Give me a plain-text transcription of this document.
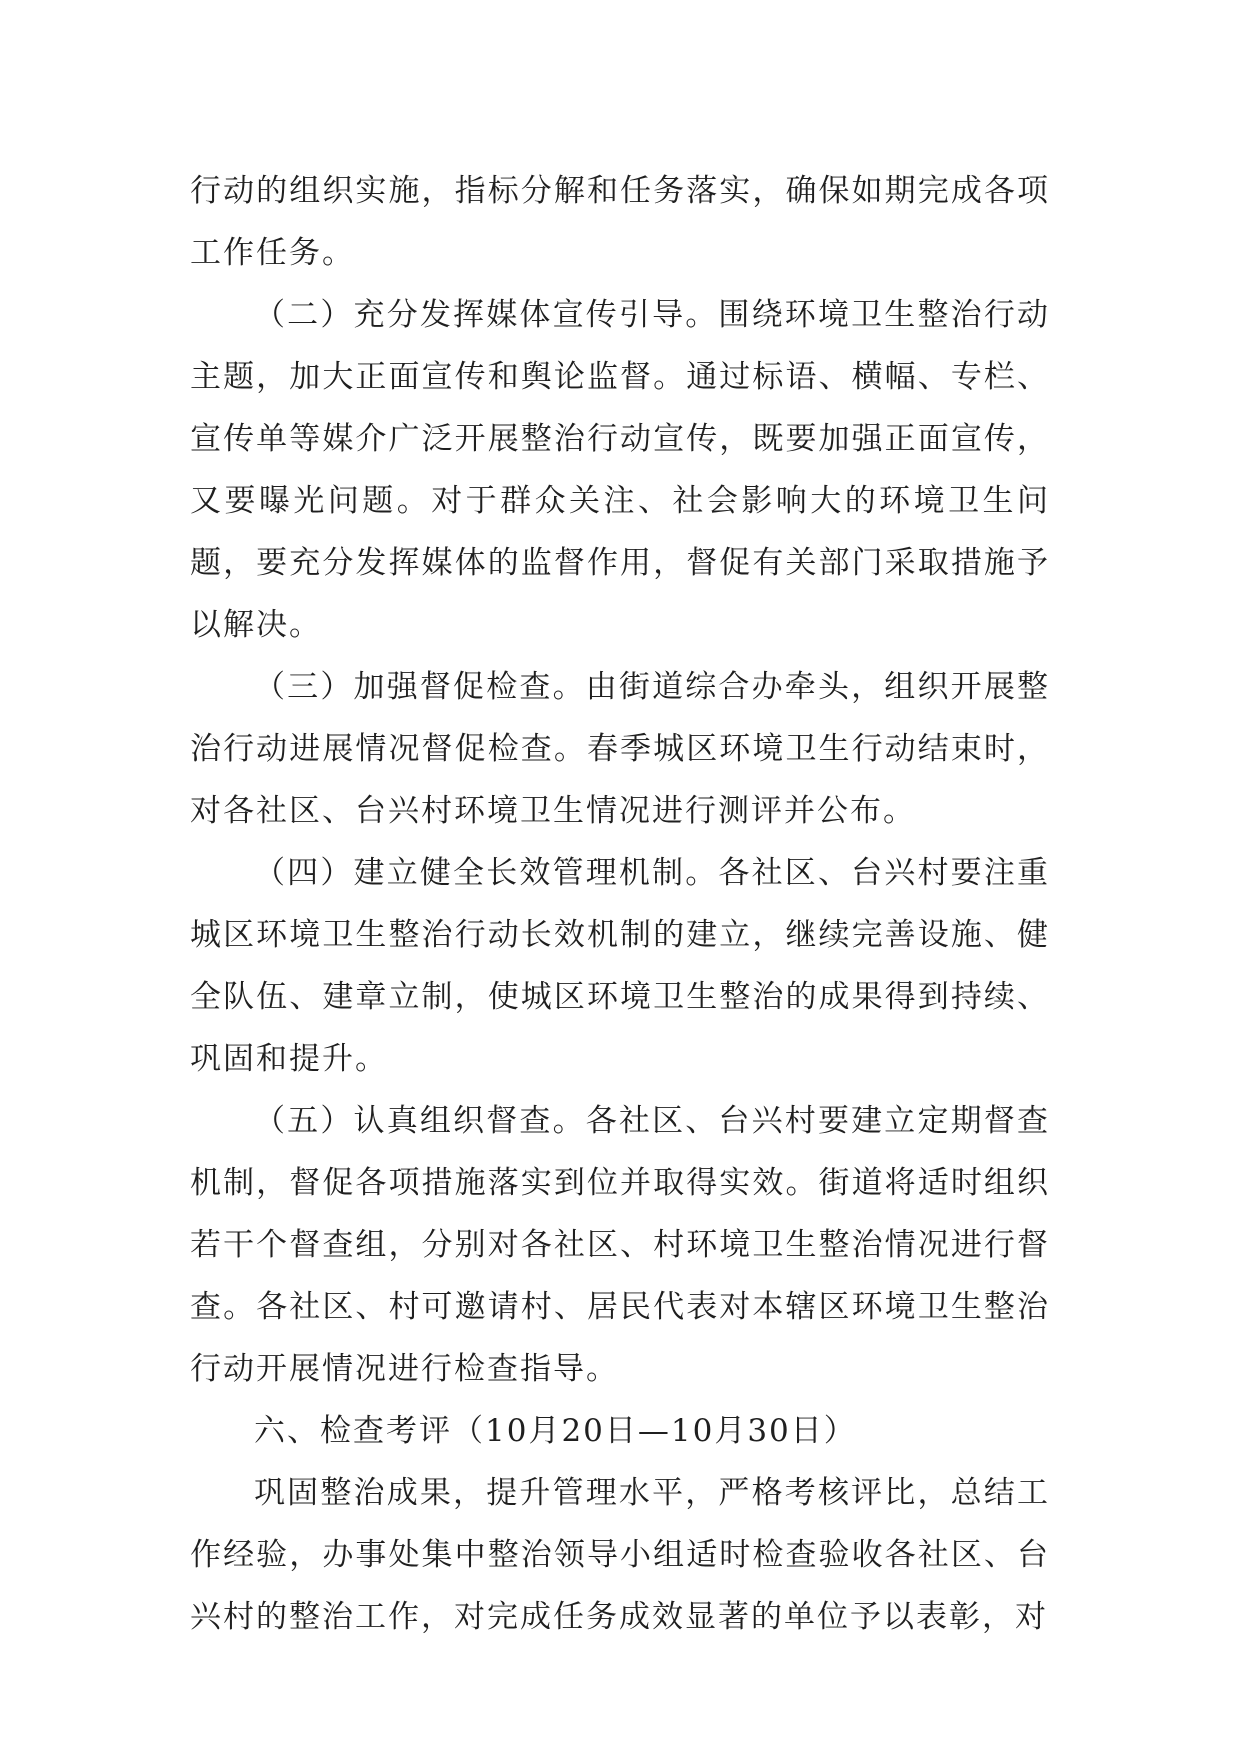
行动的组织实施，指标分解和任务落实，确保如期完成各项工作任务。

（二）充分发挥媒体宣传引导。围绕环境卫生整治行动主题，加大正面宣传和舆论监督。通过标语、横幅、专栏、宣传单等媒介广泛开展整治行动宣传，既要加强正面宣传，又要曝光问题。对于群众关注、社会影响大的环境卫生问题，要充分发挥媒体的监督作用，督促有关部门采取措施予以解决。

（三）加强督促检查。由街道综合办牵头，组织开展整治行动进展情况督促检查。春季城区环境卫生行动结束时，对各社区、台兴村环境卫生情况进行测评并公布。

（四）建立健全长效管理机制。各社区、台兴村要注重城区环境卫生整治行动长效机制的建立，继续完善设施、健全队伍、建章立制，使城区环境卫生整治的成果得到持续、巩固和提升。

（五）认真组织督查。各社区、台兴村要建立定期督查机制，督促各项措施落实到位并取得实效。街道将适时组织若干个督查组，分别对各社区、村环境卫生整治情况进行督查。各社区、村可邀请村、居民代表对本辖区环境卫生整治行动开展情况进行检查指导。

六、检查考评（10月20日—10月30日）

巩固整治成果，提升管理水平，严格考核评比，总结工作经验，办事处集中整治领导小组适时检查验收各社区、台兴村的整治工作，对完成任务成效显著的单位予以表彰，对
